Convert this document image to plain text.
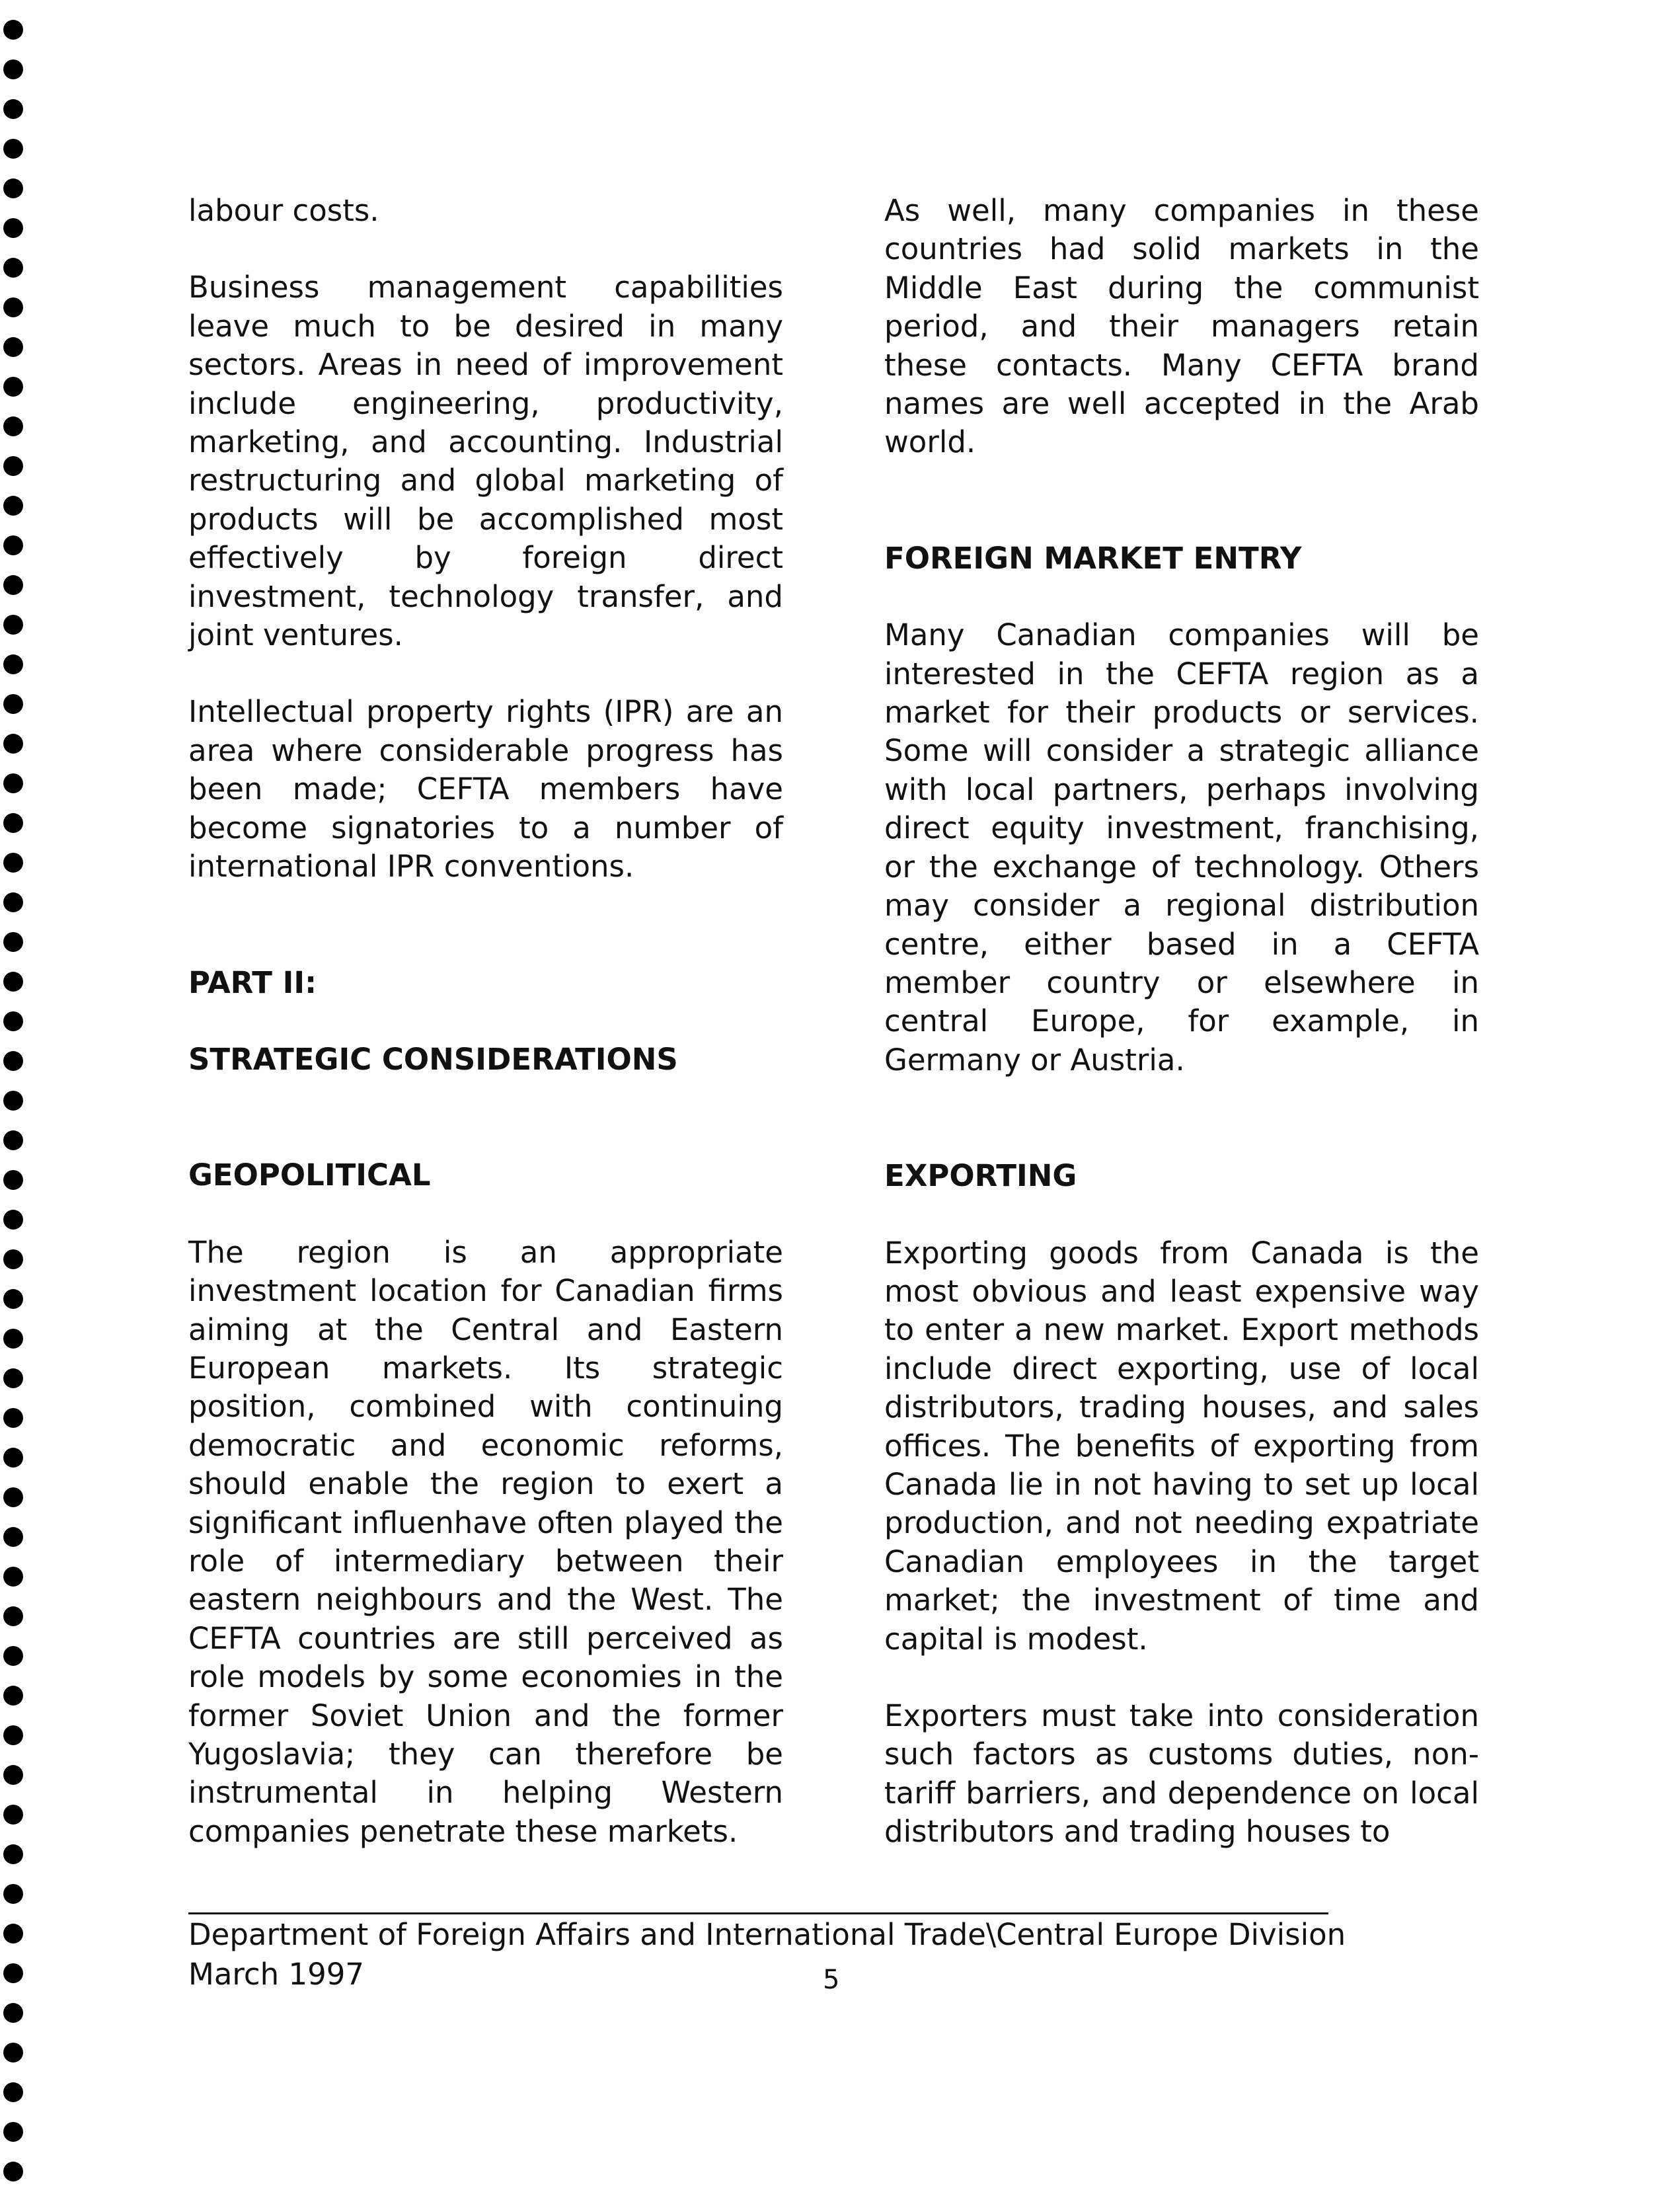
labour costs.

Business management capabilities leave much to be desired in many sectors. Areas in need of improvement include engineering, productivity, marketing, and accounting. Industrial restructuring and global marketing of products will be accomplished most effectively by foreign direct investment, technology transfer, and joint ventures.

Intellectual property rights (IPR) are an area where considerable progress has been made; CEFTA members have become signatories to a number of international IPR conventions.

PART II:

STRATEGIC CONSIDERATIONS

GEOPOLITICAL

The region is an appropriate investment location for Canadian firms aiming at the Central and Eastern European markets. Its strategic position, combined with continuing democratic and economic reforms, should enable the region to exert a significant influenhave often played the role of intermediary between their eastern neighbours and the West. The CEFTA countries are still perceived as role models by some economies in the former Soviet Union and the former Yugoslavia; they can therefore be instrumental in helping Western companies penetrate these markets.

As well, many companies in these countries had solid markets in the Middle East during the communist period, and their managers retain these contacts. Many CEFTA brand names are well accepted in the Arab world.

FOREIGN MARKET ENTRY

Many Canadian companies will be interested in the CEFTA region as a market for their products or services. Some will consider a strategic alliance with local partners, perhaps involving direct equity investment, franchising, or the exchange of technology. Others may consider a regional distribution centre, either based in a CEFTA member country or elsewhere in central Europe, for example, in Germany or Austria.

EXPORTING

Exporting goods from Canada is the most obvious and least expensive way to enter a new market. Export methods include direct exporting, use of local distributors, trading houses, and sales offices. The benefits of exporting from Canada lie in not having to set up local production, and not needing expatriate Canadian employees in the target market; the investment of time and capital is modest.

Exporters must take into consideration such factors as customs duties, non-tariff barriers, and dependence on local distributors and trading houses to

Department of Foreign Affairs and International Trade\Central Europe Division
March 1997	5
